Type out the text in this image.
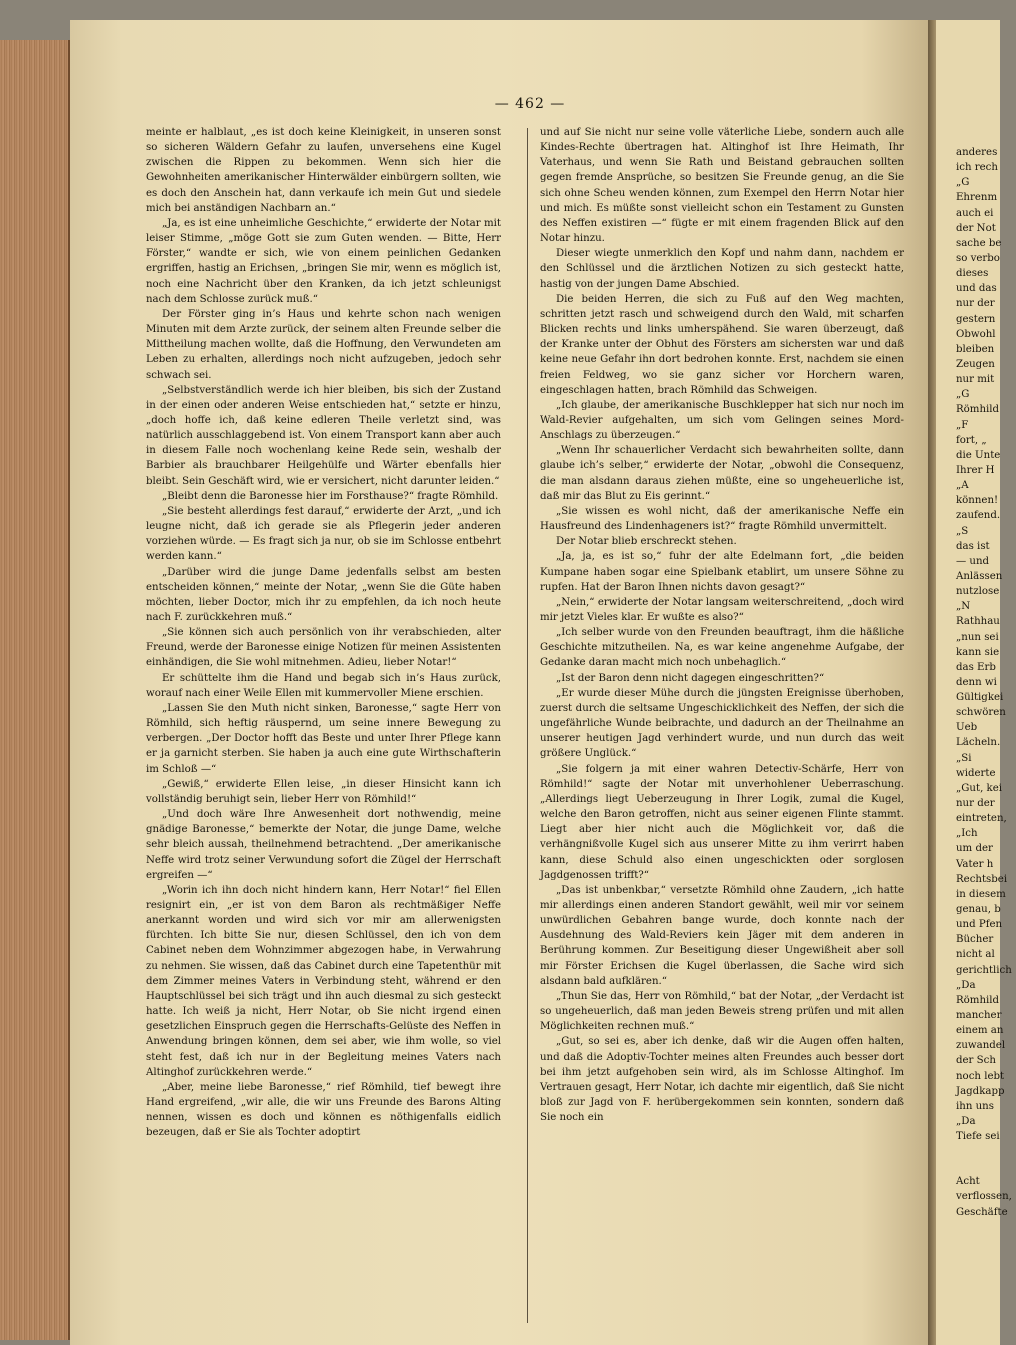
anderes
ich rech
„G
Ehrenm
auch ei
der Not
sache be
so verbo
dieses
und das
nur der
gestern
Obwohl
bleiben
Zeugen
nur mit
„G
Römhild
„F
fort, „
die Unte
Ihrer H
„A
können!
zaufend.
„S
das ist
— und
Anlässen
nutzlose
„N
Rathhau
„nun sei
kann sie
das Erb
denn wi
Gültigkei
schwören
Ueb
Lächeln.
„Si
widerte
„Gut, kei
nur der
eintreten,
„Ich
um der
Vater h
Rechtsbei
in diesem
genau, b
und Pfen
Bücher
nicht al
gerichtlich
„Da
Römhild
mancher
einem an
zuwandel
der Sch
noch lebt
Jagdkapp
ihn uns
„Da
Tiefe sei
Acht
verflossen,
Geschäfte
— 462 —

meinte er halblaut, „es ist doch keine Kleinigkeit, in unseren sonst so sicheren Wäldern Gefahr zu laufen, unversehens eine Kugel zwischen die Rippen zu bekommen. Wenn sich hier die Gewohnheiten amerikanischer Hinterwälder einbürgern sollten, wie es doch den Anschein hat, dann verkaufe ich mein Gut und siedele mich bei anständigen Nachbarn an.“

„Ja, es ist eine unheimliche Geschichte,“ erwiderte der Notar mit leiser Stimme, „möge Gott sie zum Guten wenden. — Bitte, Herr Förster,“ wandte er sich, wie von einem peinlichen Gedanken ergriffen, hastig an Erichsen, „bringen Sie mir, wenn es möglich ist, noch eine Nachricht über den Kranken, da ich jetzt schleunigst nach dem Schlosse zurück muß.“

Der Förster ging in’s Haus und kehrte schon nach wenigen Minuten mit dem Arzte zurück, der seinem alten Freunde selber die Mittheilung machen wollte, daß die Hoffnung, den Verwundeten am Leben zu erhalten, allerdings noch nicht aufzugeben, jedoch sehr schwach sei.

„Selbstverständlich werde ich hier bleiben, bis sich der Zustand in der einen oder anderen Weise entschieden hat,“ setzte er hinzu, „doch hoffe ich, daß keine edleren Theile verletzt sind, was natürlich ausschlaggebend ist. Von einem Transport kann aber auch in diesem Falle noch wochenlang keine Rede sein, weshalb der Barbier als brauchbarer Heilgehülfe und Wärter ebenfalls hier bleibt. Sein Geschäft wird, wie er versichert, nicht darunter leiden.“

„Bleibt denn die Baronesse hier im Forsthause?“ fragte Römhild.

„Sie besteht allerdings fest darauf,“ erwiderte der Arzt, „und ich leugne nicht, daß ich gerade sie als Pflegerin jeder anderen vorziehen würde. — Es fragt sich ja nur, ob sie im Schlosse entbehrt werden kann.“

„Darüber wird die junge Dame jedenfalls selbst am besten entscheiden können,“ meinte der Notar, „wenn Sie die Güte haben möchten, lieber Doctor, mich ihr zu empfehlen, da ich noch heute nach F. zurückkehren muß.“

„Sie können sich auch persönlich von ihr verabschieden, alter Freund, werde der Baronesse einige Notizen für meinen Assistenten einhändigen, die Sie wohl mitnehmen. Adieu, lieber Notar!“

Er schüttelte ihm die Hand und begab sich in’s Haus zurück, worauf nach einer Weile Ellen mit kummervoller Miene erschien.

„Lassen Sie den Muth nicht sinken, Baronesse,“ sagte Herr von Römhild, sich heftig räuspernd, um seine innere Bewegung zu verbergen. „Der Doctor hofft das Beste und unter Ihrer Pflege kann er ja garnicht sterben. Sie haben ja auch eine gute Wirthschafterin im Schloß —“

„Gewiß,“ erwiderte Ellen leise, „in dieser Hinsicht kann ich vollständig beruhigt sein, lieber Herr von Römhild!“

„Und doch wäre Ihre Anwesenheit dort nothwendig, meine gnädige Baronesse,“ bemerkte der Notar, die junge Dame, welche sehr bleich aussah, theilnehmend betrachtend. „Der amerikanische Neffe wird trotz seiner Verwundung sofort die Zügel der Herrschaft ergreifen —“

„Worin ich ihn doch nicht hindern kann, Herr Notar!“ fiel Ellen resignirt ein, „er ist von dem Baron als rechtmäßiger Neffe anerkannt worden und wird sich vor mir am allerwenigsten fürchten. Ich bitte Sie nur, diesen Schlüssel, den ich von dem Cabinet neben dem Wohnzimmer abgezogen habe, in Verwahrung zu nehmen. Sie wissen, daß das Cabinet durch eine Tapetenthür mit dem Zimmer meines Vaters in Verbindung steht, während er den Hauptschlüssel bei sich trägt und ihn auch diesmal zu sich gesteckt hatte. Ich weiß ja nicht, Herr Notar, ob Sie nicht irgend einen gesetzlichen Einspruch gegen die Herrschafts-Gelüste des Neffen in Anwendung bringen können, dem sei aber, wie ihm wolle, so viel steht fest, daß ich nur in der Begleitung meines Vaters nach Altinghof zurückkehren werde.“

„Aber, meine liebe Baronesse,“ rief Römhild, tief bewegt ihre Hand ergreifend, „wir alle, die wir uns Freunde des Barons Alting nennen, wissen es doch und können es nöthigenfalls eidlich bezeugen, daß er Sie als Tochter adoptirt

und auf Sie nicht nur seine volle väterliche Liebe, sondern auch alle Kindes-Rechte übertragen hat. Altinghof ist Ihre Heimath, Ihr Vaterhaus, und wenn Sie Rath und Beistand gebrauchen sollten gegen fremde Ansprüche, so besitzen Sie Freunde genug, an die Sie sich ohne Scheu wenden können, zum Exempel den Herrn Notar hier und mich. Es müßte sonst vielleicht schon ein Testament zu Gunsten des Neffen existiren —“ fügte er mit einem fragenden Blick auf den Notar hinzu.

Dieser wiegte unmerklich den Kopf und nahm dann, nachdem er den Schlüssel und die ärztlichen Notizen zu sich gesteckt hatte, hastig von der jungen Dame Abschied.

Die beiden Herren, die sich zu Fuß auf den Weg machten, schritten jetzt rasch und schweigend durch den Wald, mit scharfen Blicken rechts und links umherspähend. Sie waren überzeugt, daß der Kranke unter der Obhut des Försters am sichersten war und daß keine neue Gefahr ihn dort bedrohen konnte. Erst, nachdem sie einen freien Feldweg, wo sie ganz sicher vor Horchern waren, eingeschlagen hatten, brach Römhild das Schweigen.

„Ich glaube, der amerikanische Buschklepper hat sich nur noch im Wald-Revier aufgehalten, um sich vom Gelingen seines Mord-Anschlags zu überzeugen.“

„Wenn Ihr schauerlicher Verdacht sich bewahrheiten sollte, dann glaube ich’s selber,“ erwiderte der Notar, „obwohl die Consequenz, die man alsdann daraus ziehen müßte, eine so ungeheuerliche ist, daß mir das Blut zu Eis gerinnt.“

„Sie wissen es wohl nicht, daß der amerikanische Neffe ein Hausfreund des Lindenhageners ist?“ fragte Römhild unvermittelt.

Der Notar blieb erschreckt stehen.

„Ja, ja, es ist so,“ fuhr der alte Edelmann fort, „die beiden Kumpane haben sogar eine Spielbank etablirt, um unsere Söhne zu rupfen. Hat der Baron Ihnen nichts davon gesagt?“

„Nein,“ erwiderte der Notar langsam weiterschreitend, „doch wird mir jetzt Vieles klar. Er wußte es also?“

„Ich selber wurde von den Freunden beauftragt, ihm die häßliche Geschichte mitzutheilen. Na, es war keine angenehme Aufgabe, der Gedanke daran macht mich noch unbehaglich.“

„Ist der Baron denn nicht dagegen eingeschritten?“

„Er wurde dieser Mühe durch die jüngsten Ereignisse überhoben, zuerst durch die seltsame Ungeschicklichkeit des Neffen, der sich die ungefährliche Wunde beibrachte, und dadurch an der Theilnahme an unserer heutigen Jagd verhindert wurde, und nun durch das weit größere Unglück.“

„Sie folgern ja mit einer wahren Detectiv-Schärfe, Herr von Römhild!“ sagte der Notar mit unverhohlener Ueberraschung. „Allerdings liegt Ueberzeugung in Ihrer Logik, zumal die Kugel, welche den Baron getroffen, nicht aus seiner eigenen Flinte stammt. Liegt aber hier nicht auch die Möglichkeit vor, daß die verhängnißvolle Kugel sich aus unserer Mitte zu ihm verirrt haben kann, diese Schuld also einen ungeschickten oder sorglosen Jagdgenossen trifft?“

„Das ist unbenkbar,“ versetzte Römhild ohne Zaudern, „ich hatte mir allerdings einen anderen Standort gewählt, weil mir vor seinem unwürdlichen Gebahren bange wurde, doch konnte nach der Ausdehnung des Wald-Reviers kein Jäger mit dem anderen in Berührung kommen. Zur Beseitigung dieser Ungewißheit aber soll mir Förster Erichsen die Kugel überlassen, die Sache wird sich alsdann bald aufklären.“

„Thun Sie das, Herr von Römhild,“ bat der Notar, „der Verdacht ist so ungeheuerlich, daß man jeden Beweis streng prüfen und mit allen Möglichkeiten rechnen muß.“

„Gut, so sei es, aber ich denke, daß wir die Augen offen halten, und daß die Adoptiv-Tochter meines alten Freundes auch besser dort bei ihm jetzt aufgehoben sein wird, als im Schlosse Altinghof. Im Vertrauen gesagt, Herr Notar, ich dachte mir eigentlich, daß Sie nicht bloß zur Jagd von F. herübergekommen sein konnten, sondern daß Sie noch ein
